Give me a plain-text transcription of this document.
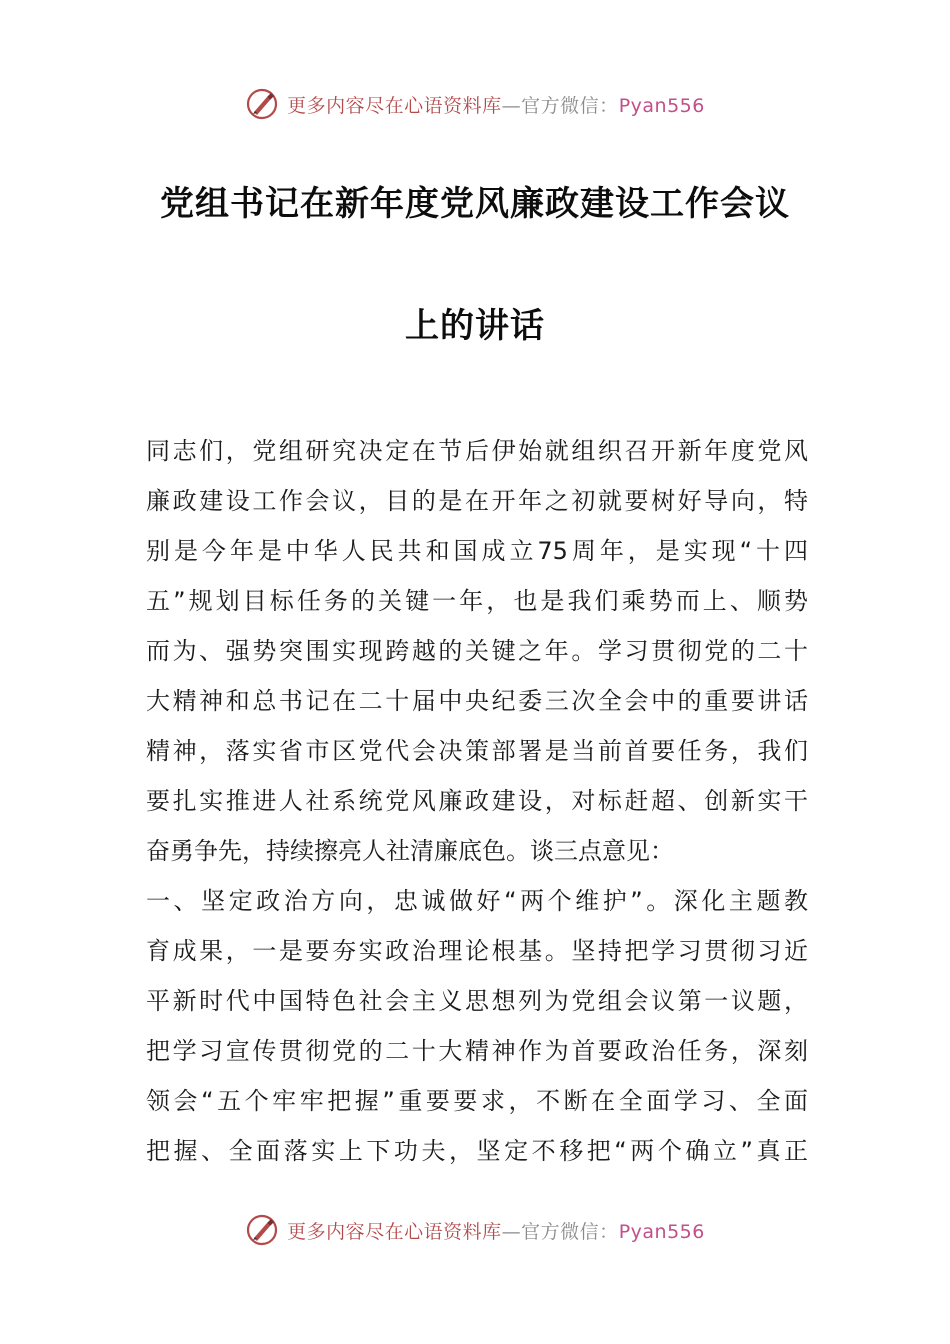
更多内容尽在心语资料库—官方微信：Pyan556
党组书记在新年度党风廉政建设工作会议
上的讲话
同志们，党组研究决定在节后伊始就组织召开新年度党风
廉政建设工作会议，目的是在开年之初就要树好导向，特
别是今年是中华人民共和国成立75周年，是实现“十四
五”规划目标任务的关键一年，也是我们乘势而上、顺势
而为、强势突围实现跨越的关键之年。学习贯彻党的二十
大精神和总书记在二十届中央纪委三次全会中的重要讲话
精神，落实省市区党代会决策部署是当前首要任务，我们
要扎实推进人社系统党风廉政建设，对标赶超、创新实干
奋勇争先，持续擦亮人社清廉底色。谈三点意见：
一、坚定政治方向，忠诚做好“两个维护”。深化主题教
育成果，一是要夯实政治理论根基。坚持把学习贯彻习近
平新时代中国特色社会主义思想列为党组会议第一议题，
把学习宣传贯彻党的二十大精神作为首要政治任务，深刻
领会“五个牢牢把握”重要要求，不断在全面学习、全面
把握、全面落实上下功夫，坚定不移把“两个确立”真正
更多内容尽在心语资料库—官方微信：Pyan556
